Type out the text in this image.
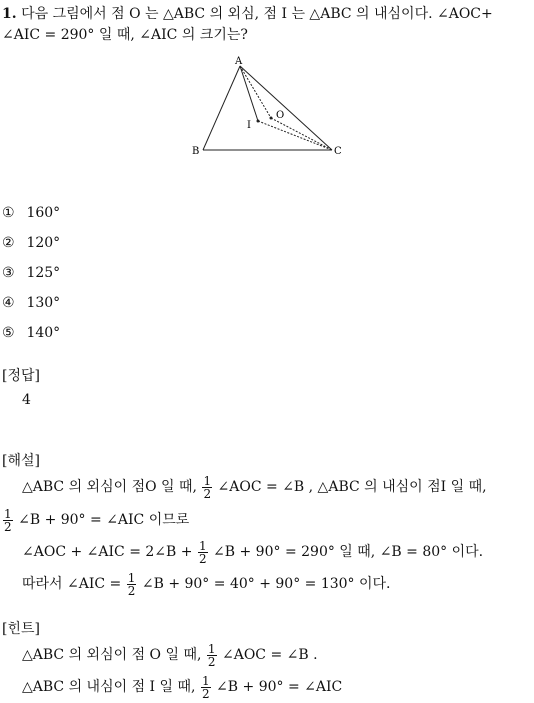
1. 다음 그림에서 점 O 는 △ABC 의 외심, 점 I 는 △ABC 의 내심이다. ∠AOC+
∠AIC = 290° 일 때, ∠AIC 의 크기는?
A
B	C
O
I
① 160°
② 120°
③ 125°
④ 130°
⑤ 140°
[정답]
4
[해설]
△ABC 의 외심이 점O 일 때, $\frac{1}{2}$ ∠AOC = ∠B , △ABC 의 내심이 점I 일 때,
$\frac{1}{2}$ ∠B + 90° = ∠AIC 이므로
∠AOC + ∠AIC = 2∠B + $\frac{1}{2}$ ∠B + 90° = 290° 일 때, ∠B = 80° 이다.
따라서 ∠AIC = $\frac{1}{2}$ ∠B + 90° = 40° + 90° = 130° 이다.
[힌트]
△ABC 의 외심이 점 O 일 때, $\frac{1}{2}$ ∠AOC = ∠B .
△ABC 의 내심이 점 I 일 때, $\frac{1}{2}$ ∠B + 90° = ∠AIC
